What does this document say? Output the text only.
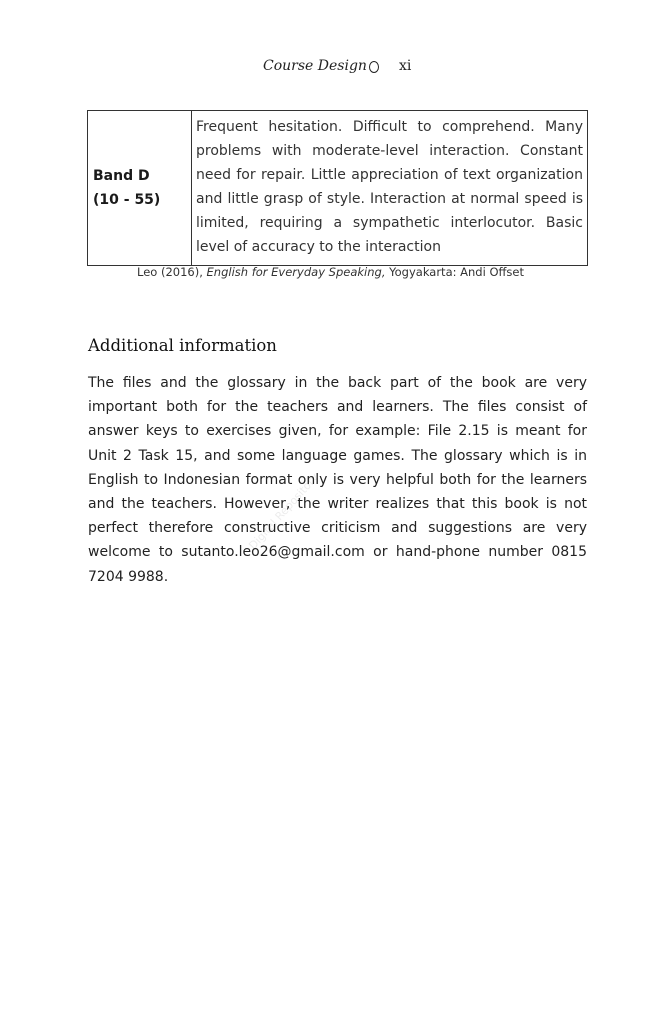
Course Design xi
Band D
(10 - 55)
	Frequent hesitation. Difficult to comprehend. Many problems with moderate-level interaction. Constant need for repair. Little appreciation of text organization and little grasp of style. Interaction at normal speed is limited, requiring a sympathetic interlocutor. Basic level of accuracy to the interaction
Leo (2016), English for Everyday Speaking, Yogyakarta: Andi Offset
Additional information

The files and the glossary in the back part of the book are very important both for the teachers and learners. The files consist of answer keys to exercises given, for example: File 2.15 is meant for Unit 2 Task 15, and some language games. The glossary which is in English to Indonesian format only is very helpful both for the learners and the teachers. However, the writer realizes that this book is not perfect therefore constructive criticism and suggestions are very welcome to sutanto.leo26@gmail.com or hand-phone number 0815 7204 9988.

Digital Repository
